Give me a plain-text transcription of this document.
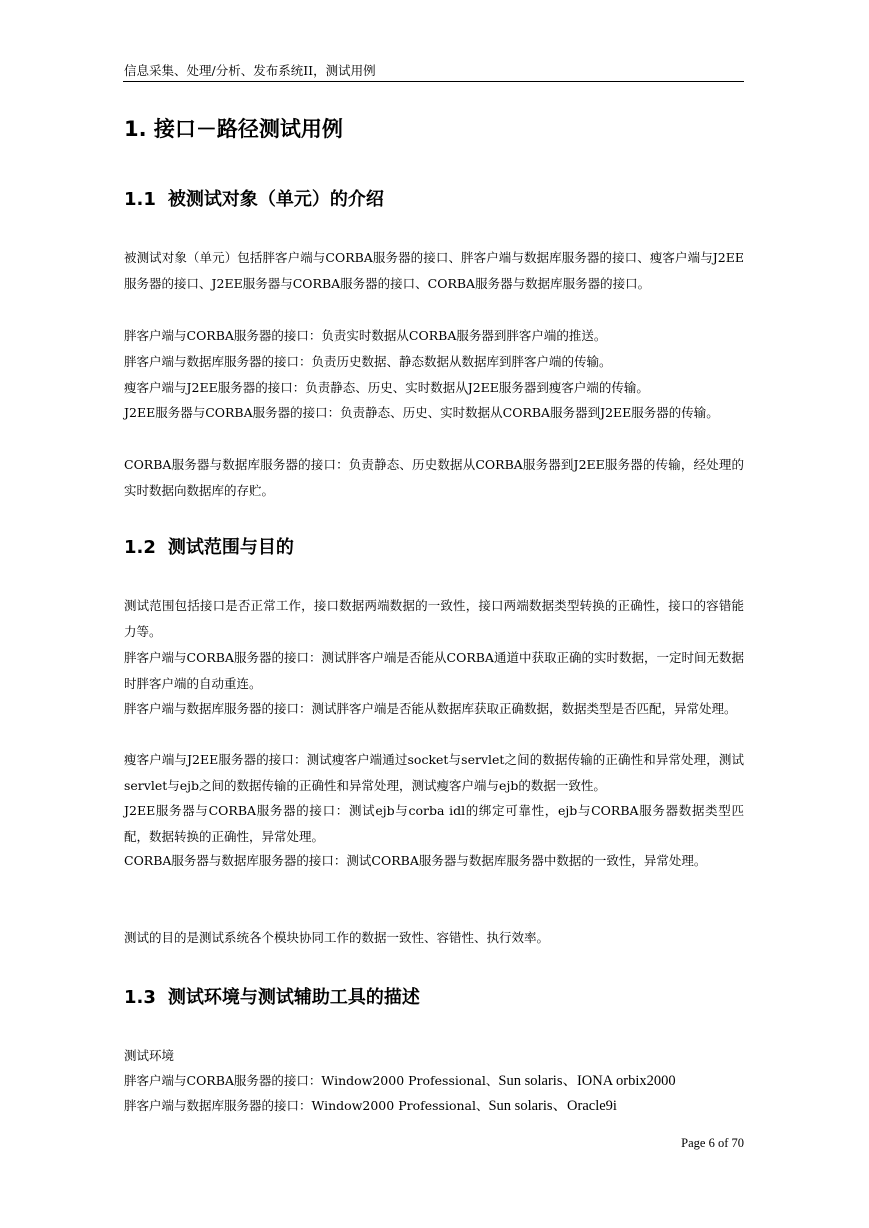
信息采集、处理/分析、发布系统II，测试用例
1. 接口－路径测试用例
1.1 被测试对象（单元）的介绍

被测试对象（单元）包括胖客户端与CORBA服务器的接口、胖客户端与数据库服务器的接口、瘦客户端与J2EE服务器的接口、J2EE服务器与CORBA服务器的接口、CORBA服务器与数据库服务器的接口。

胖客户端与CORBA服务器的接口：负责实时数据从CORBA服务器到胖客户端的推送。

胖客户端与数据库服务器的接口：负责历史数据、静态数据从数据库到胖客户端的传输。

瘦客户端与J2EE服务器的接口：负责静态、历史、实时数据从J2EE服务器到瘦客户端的传输。

J2EE服务器与CORBA服务器的接口：负责静态、历史、实时数据从CORBA服务器到J2EE服务器的传输。

CORBA服务器与数据库服务器的接口：负责静态、历史数据从CORBA服务器到J2EE服务器的传输，经处理的实时数据向数据库的存贮。

1.2 测试范围与目的

测试范围包括接口是否正常工作，接口数据两端数据的一致性，接口两端数据类型转换的正确性，接口的容错能力等。

胖客户端与CORBA服务器的接口：测试胖客户端是否能从CORBA通道中获取正确的实时数据，一定时间无数据时胖客户端的自动重连。

胖客户端与数据库服务器的接口：测试胖客户端是否能从数据库获取正确数据，数据类型是否匹配，异常处理。

瘦客户端与J2EE服务器的接口：测试瘦客户端通过socket与servlet之间的数据传输的正确性和异常处理，测试servlet与ejb之间的数据传输的正确性和异常处理，测试瘦客户端与ejb的数据一致性。

J2EE服务器与CORBA服务器的接口：测试ejb与corba idl的绑定可靠性，ejb与CORBA服务器数据类型匹配，数据转换的正确性，异常处理。

CORBA服务器与数据库服务器的接口：测试CORBA服务器与数据库服务器中数据的一致性，异常处理。

测试的目的是测试系统各个模块协同工作的数据一致性、容错性、执行效率。

1.3 测试环境与测试辅助工具的描述
测试环境
胖客户端与CORBA服务器的接口：Window2000 Professional、Sun solaris、IONA orbix2000
胖客户端与数据库服务器的接口：Window2000 Professional、Sun solaris、Oracle9i
Page 6 of 70
